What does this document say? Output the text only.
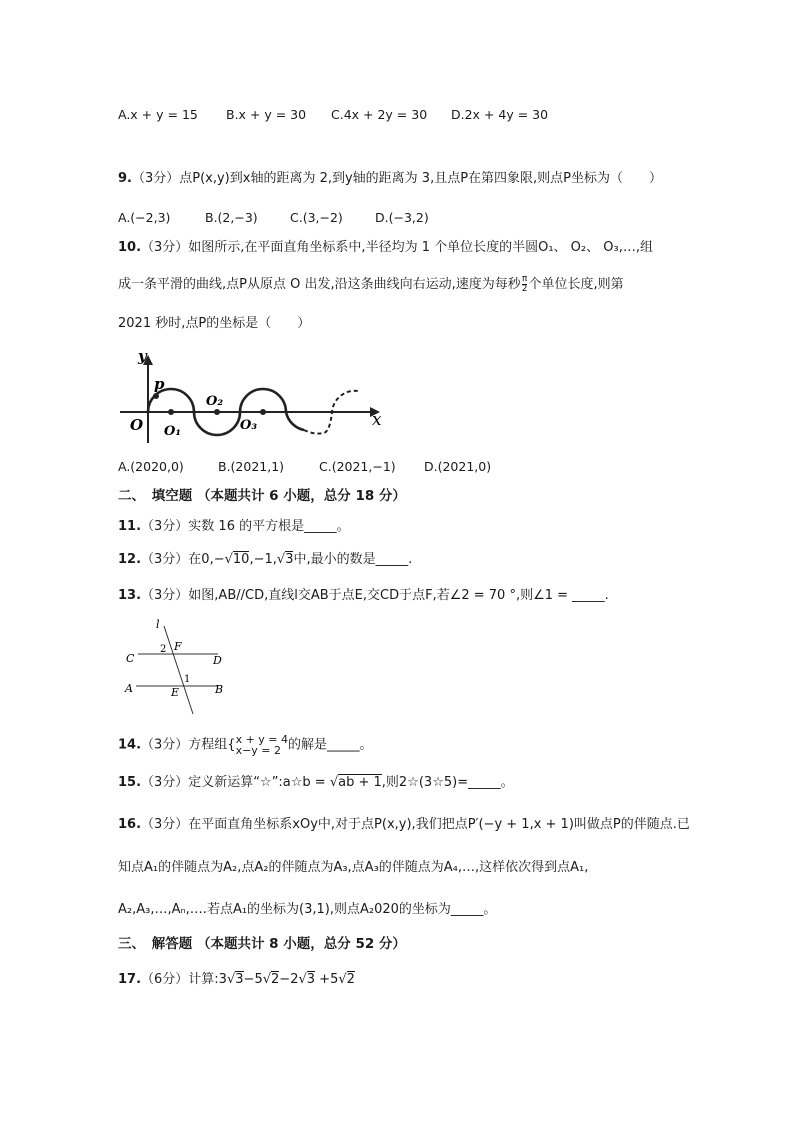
A.x + y = 15 B.x + y = 30 C.4x + 2y = 30 D.2x + 4y = 30
9.（3分）点P(x,y)到x轴的距离为 2,到y轴的距离为 3,且点P在第四象限,则点P坐标为（　　）
A.(−2,3)	B.(2,−3)	C.(3,−2)	D.(−3,2)
10.（3分）如图所示,在平面直角坐标系中,半径均为 1 个单位长度的半圆O₁、 O₂、 O₃,…,组
成一条平滑的曲线,点P从原点 O 出发,沿这条曲线向右运动,速度为每秒 $\frac{\pi}{2}$ 个单位长度,则第
2021 秒时,点P的坐标是（　　）
y
x
p
O O₁
O₂
O₃
A.(2020,0)	B.(2021,1)	C.(2021,−1) D.(2021,0)
二、　填空题 （本题共计 6 小题，总分 18 分）
11.（3分）实数 16 的平方根是_____。
12.（3分）在0,−√10,−1,√3中,最小的数是_____.
13.（3分）如图,AB//CD,直线l交AB于点E,交CD于点F,若∠2 = 70 °,则∠1 = _____.
l
C	D
A	B
E
F
1
2
14.（3分）方程组{ x + y = 4
x−y = 2 的解是_____。
15.（3分）定义新运算“☆”:a☆b = √ab + 1,则2☆(3☆5)=_____。
16.（3分）在平面直角坐标系xOy中,对于点P(x,y),我们把点P′(−y + 1,x + 1)叫做点P的伴随点.已
知点A₁的伴随点为A₂,点A₂的伴随点为A₃,点A₃的伴随点为A₄,…,这样依次得到点A₁,
A₂,A₃,…,Aₙ,….若点A₁的坐标为(3,1),则点A₂020的坐标为_____。
三、　解答题 （本题共计 8 小题，总分 52 分）
17.（6分）计算:3√3−5√2−2√3 +5√2
